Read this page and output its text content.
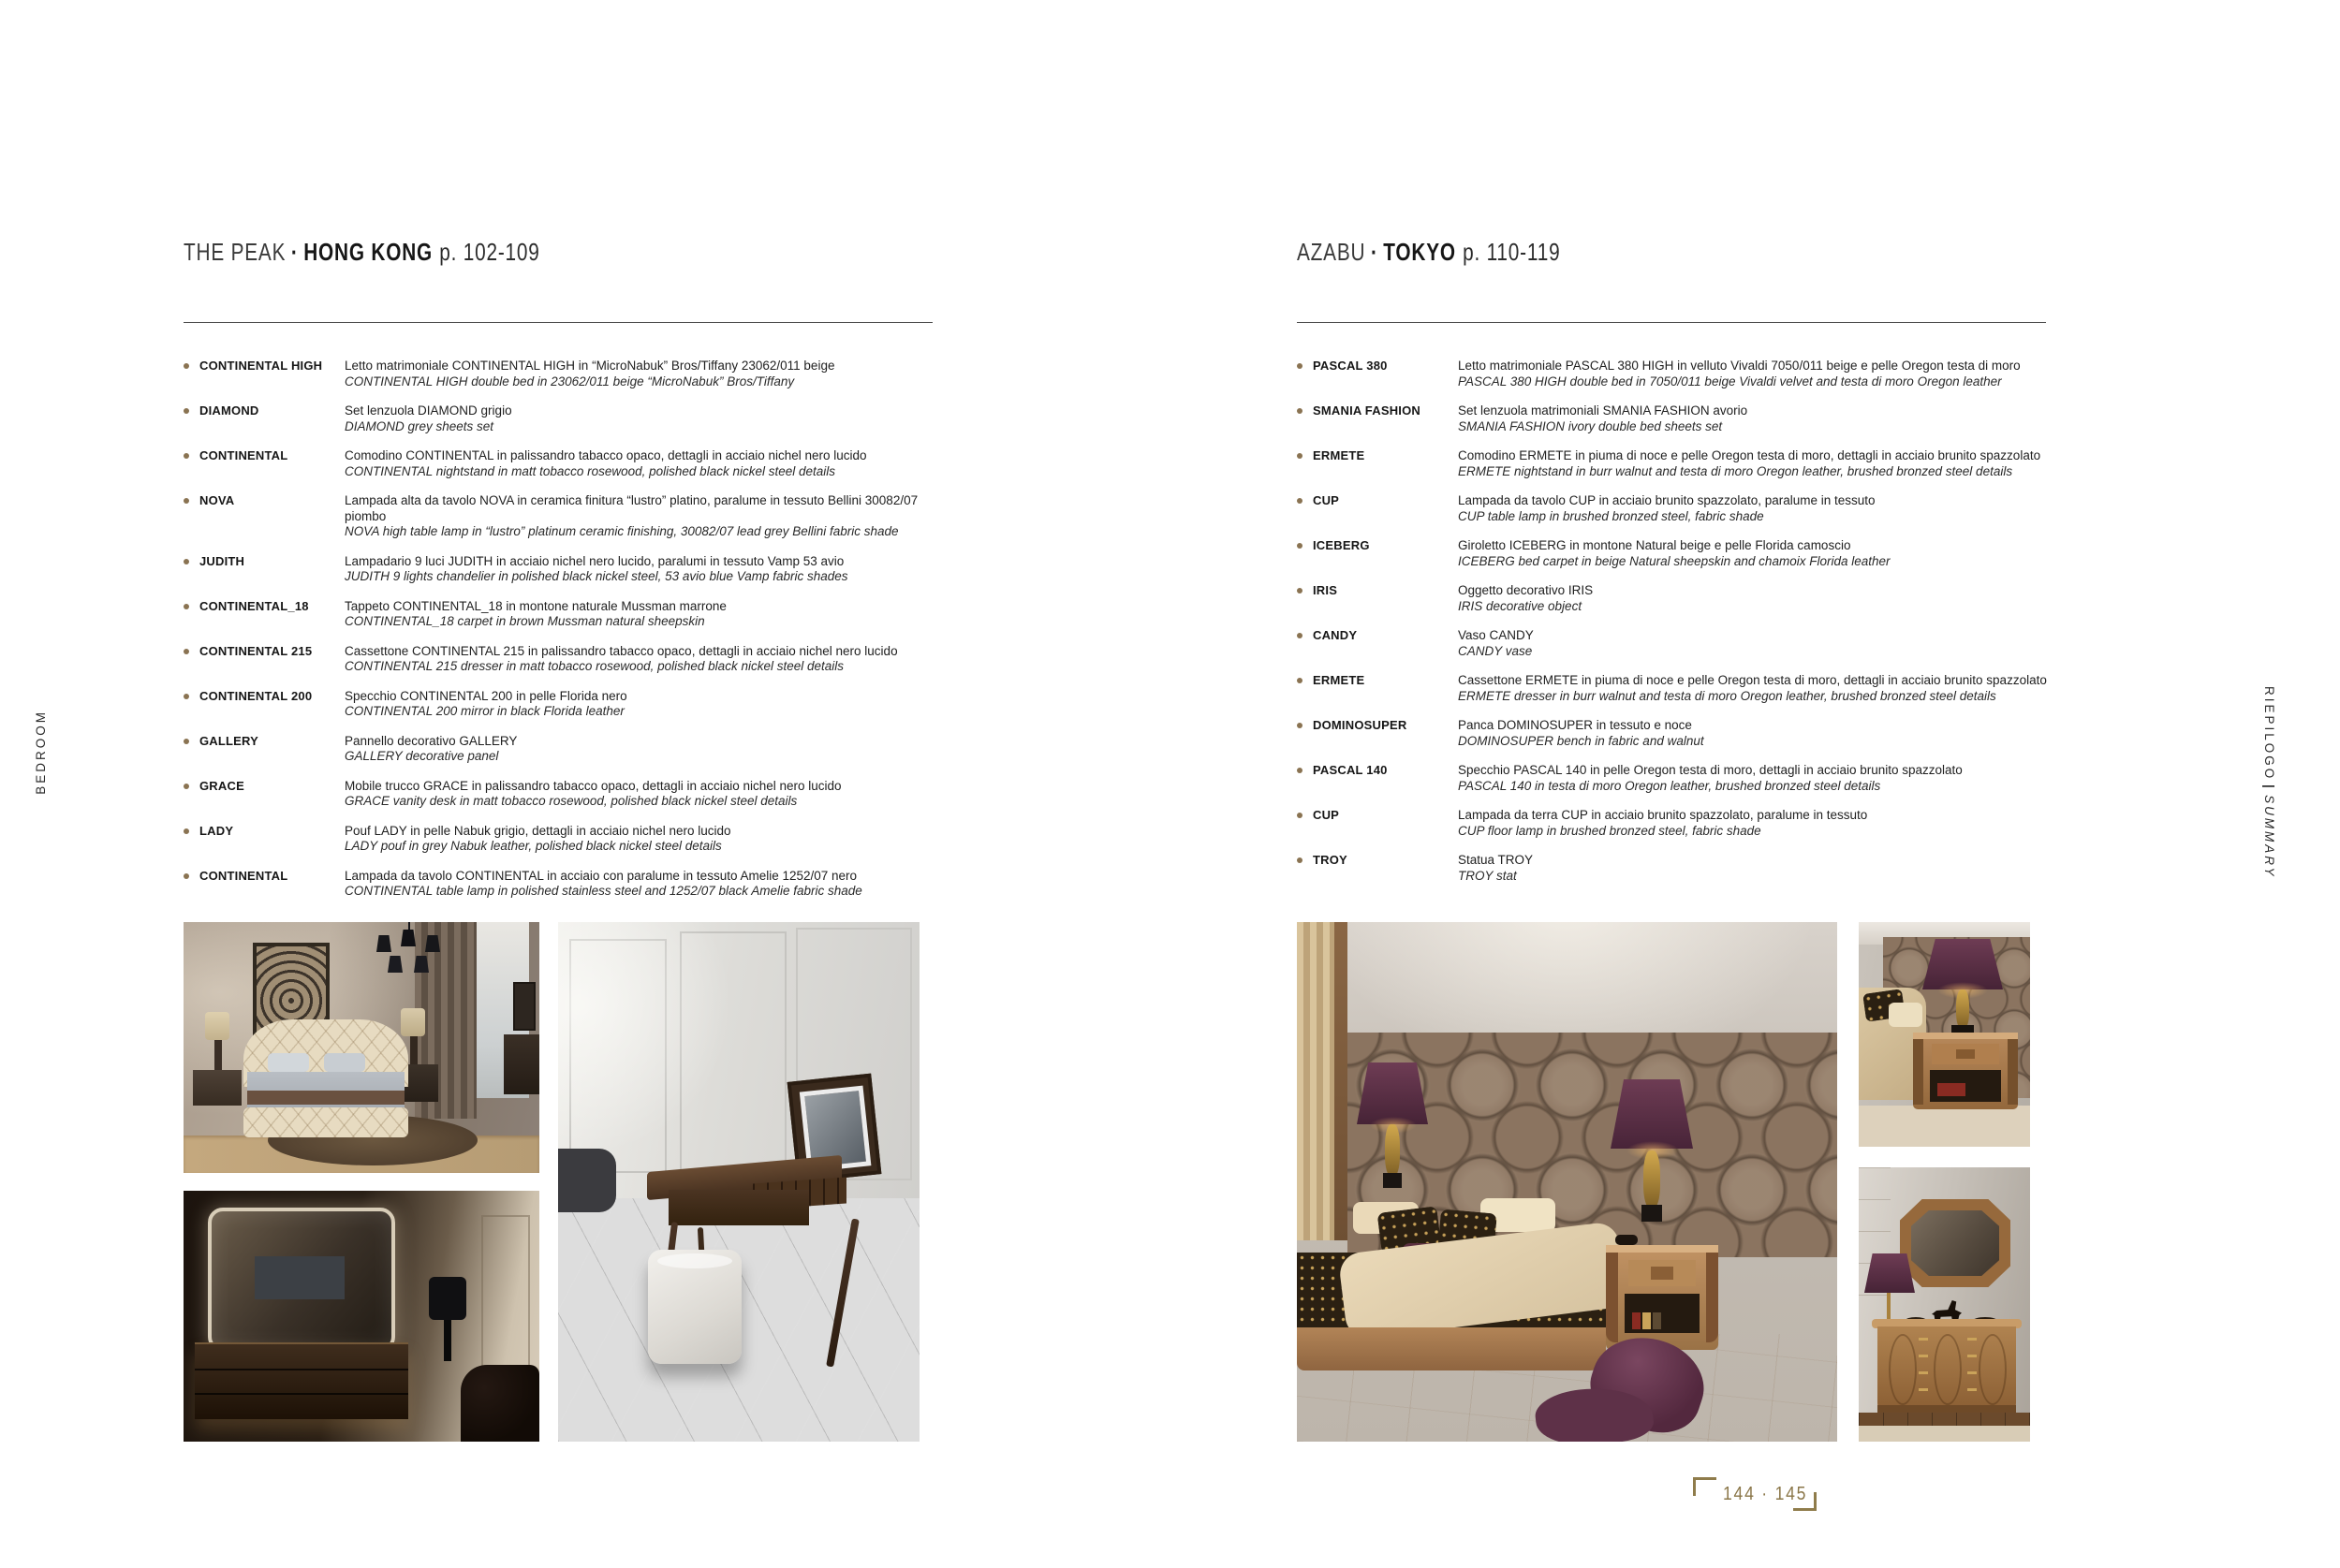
BEDROOM	RIEPILOGO|SUMMARY
THE PEAK · HONG KONG p. 102-109	AZABU · TOKYO p. 110-119
CONTINENTAL HIGH	Letto matrimoniale CONTINENTAL HIGH in “MicroNabuk” Bros/Tiffany 23062/011 beige
CONTINENTAL HIGH double bed in 23062/011 beige “MicroNabuk” Bros/Tiffany
DIAMOND	Set lenzuola DIAMOND grigio
DIAMOND grey sheets set
CONTINENTAL	Comodino CONTINENTAL in palissandro tabacco opaco, dettagli in acciaio nichel nero lucido
CONTINENTAL nightstand in matt tobacco rosewood, polished black nickel steel details
NOVA	Lampada alta da tavolo NOVA in ceramica finitura “lustro” platino, paralume in tessuto Bellini 30082/07 piombo
NOVA high table lamp in “lustro” platinum ceramic finishing, 30082/07 lead grey Bellini fabric shade
JUDITH	Lampadario 9 luci JUDITH in acciaio nichel nero lucido, paralumi in tessuto Vamp 53 avio
JUDITH 9 lights chandelier in polished black nickel steel, 53 avio blue Vamp fabric shades
CONTINENTAL_18	Tappeto CONTINENTAL_18 in montone naturale Mussman marrone
CONTINENTAL_18 carpet in brown Mussman natural sheepskin
CONTINENTAL 215	Cassettone CONTINENTAL 215 in palissandro tabacco opaco, dettagli in acciaio nichel nero lucido
CONTINENTAL 215 dresser in matt tobacco rosewood, polished black nickel steel details
CONTINENTAL 200	Specchio CONTINENTAL 200 in pelle Florida nero
CONTINENTAL 200 mirror in black Florida leather
GALLERY	Pannello decorativo GALLERY
GALLERY decorative panel
GRACE	Mobile trucco GRACE in palissandro tabacco opaco, dettagli in acciaio nichel nero lucido
GRACE vanity desk in matt tobacco rosewood, polished black nickel steel details
LADY	Pouf LADY in pelle Nabuk grigio, dettagli in acciaio nichel nero lucido
LADY pouf in grey Nabuk leather, polished black nickel steel details
CONTINENTAL	Lampada da tavolo CONTINENTAL in acciaio con paralume in tessuto Amelie 1252/07 nero
CONTINENTAL table lamp in polished stainless steel and 1252/07 black Amelie fabric shade
PASCAL 380	Letto matrimoniale PASCAL 380 HIGH in velluto Vivaldi 7050/011 beige e pelle Oregon testa di moro
PASCAL 380 HIGH double bed in 7050/011 beige Vivaldi velvet and testa di moro Oregon leather
SMANIA FASHION	Set lenzuola matrimoniali SMANIA FASHION avorio
SMANIA FASHION ivory double bed sheets set
ERMETE	Comodino ERMETE in piuma di noce e pelle Oregon testa di moro, dettagli in acciaio brunito spazzolato
ERMETE nightstand in burr walnut and testa di moro Oregon leather, brushed bronzed steel details
CUP	Lampada da tavolo CUP in acciaio brunito spazzolato, paralume in tessuto
CUP table lamp in brushed bronzed steel, fabric shade
ICEBERG	Giroletto ICEBERG in montone Natural beige e pelle Florida camoscio
ICEBERG bed carpet in beige Natural sheepskin and chamoix Florida leather
IRIS	Oggetto decorativo IRIS
IRIS decorative object
CANDY	Vaso CANDY
CANDY vase
ERMETE	Cassettone ERMETE in piuma di noce e pelle Oregon testa di moro, dettagli in acciaio brunito spazzolato
ERMETE dresser in burr walnut and testa di moro Oregon leather, brushed bronzed steel details
DOMINOSUPER	Panca DOMINOSUPER in tessuto e noce
DOMINOSUPER bench in fabric and walnut
PASCAL 140	Specchio PASCAL 140 in pelle Oregon testa di moro, dettagli in acciaio brunito spazzolato
PASCAL 140 in testa di moro Oregon leather, brushed bronzed steel details
CUP	Lampada da terra CUP in acciaio brunito spazzolato, paralume in tessuto
CUP floor lamp in brushed bronzed steel, fabric shade
TROY	Statua TROY
TROY stat
144 · 145
